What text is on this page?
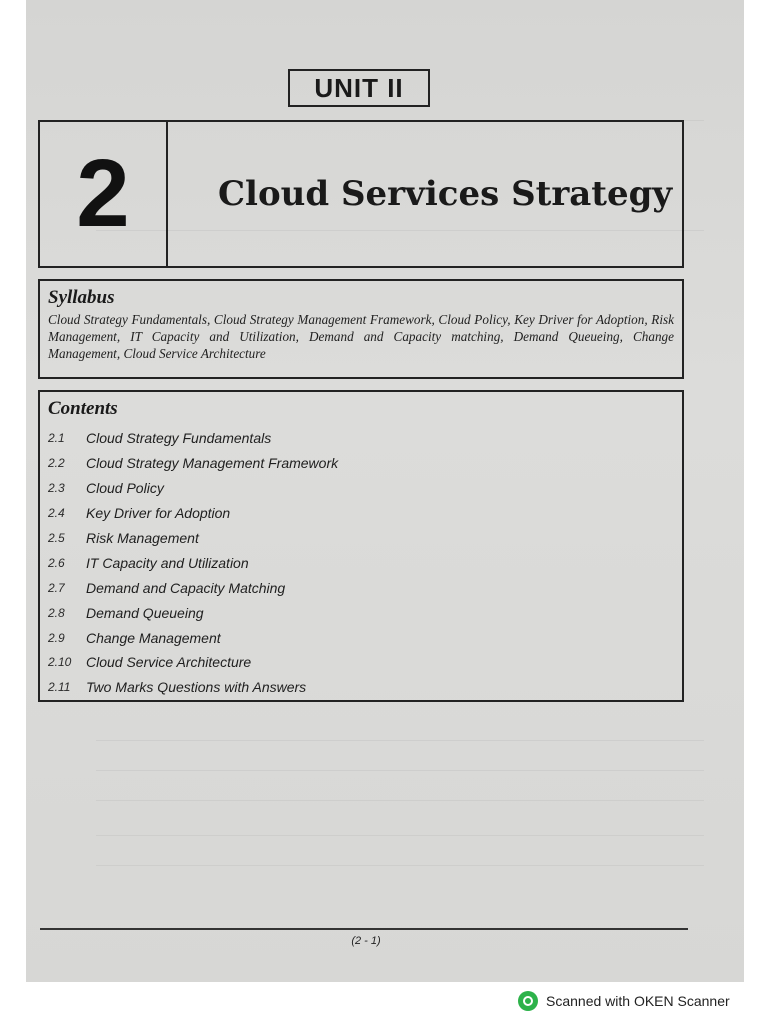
UNIT II
2	Cloud Services Strategy
Syllabus
Cloud Strategy Fundamentals, Cloud Strategy Management Framework, Cloud Policy, Key Driver for Adoption, Risk Management, IT Capacity and Utilization, Demand and Capacity matching, Demand Queueing, Change Management, Cloud Service Architecture
Contents
2.1	Cloud Strategy Fundamentals
2.2	Cloud Strategy Management Framework
2.3	Cloud Policy
2.4	Key Driver for Adoption
2.5	Risk Management
2.6	IT Capacity and Utilization
2.7	Demand and Capacity Matching
2.8	Demand Queueing
2.9	Change Management
2.10	Cloud Service Architecture
2.11	Two Marks Questions with Answers
(2 - 1)
Scanned with OKEN Scanner
